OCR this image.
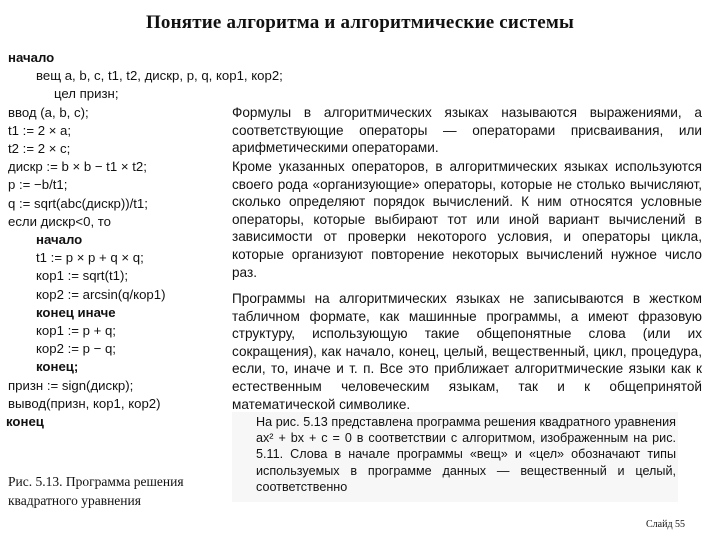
Понятие алгоритма и алгоритмические системы
начало
вещ a, b, c, t1, t2, дискр, p, q, кор1, кор2;
цел призн;
ввод (a, b, c);
t1 := 2 × a;
t2 := 2 × c;
дискр := b × b − t1 × t2;
p := −b/t1;
q := sqrt(abc(дискр))/t1;
если дискр<0, то
начало
t1 := p × p + q × q;
кор1 := sqrt(t1);
кор2 := arcsin(q/кор1)
конец иначе
кор1 := p + q;
кор2 := p − q;
конец;
призн := sign(дискр);
вывод(призн, кор1, кор2)
конец

Формулы в алгоритмических языках называются выражениями, а соответствующие операторы — операторами присваивания, или арифметическими операторами.

Кроме указанных операторов, в алгоритмических языках используются своего рода «организующие» операторы, которые не столько вычисляют, сколько определяют порядок вычислений. К ним относятся условные операторы, которые выбирают тот или иной вариант вычислений в зависимости от проверки некоторого условия, и операторы цикла, которые организуют повторение некоторых вычислений нужное число раз.

Программы на алгоритмических языках не записываются в жестком табличном формате, как машинные программы, а имеют фразовую структуру, использующую такие общепонятные слова (или их сокращения), как начало, конец, целый, вещественный, цикл, процедура, если, то, иначе и т. п. Все это приближает алгоритмические языки как к естественным человеческим языкам, так и к общепринятой математической символике.

На рис. 5.13 представлена программа решения квадратного уравнения ax² + bx + c = 0 в соответствии с алгоритмом, изображенным на рис. 5.11. Слова в начале программы «вещ» и «цел» обозначают типы используемых в программе данных — вещественный и целый, соответственно

Рис. 5.13. Программа решения квадратного уравнения
Слайд 55
